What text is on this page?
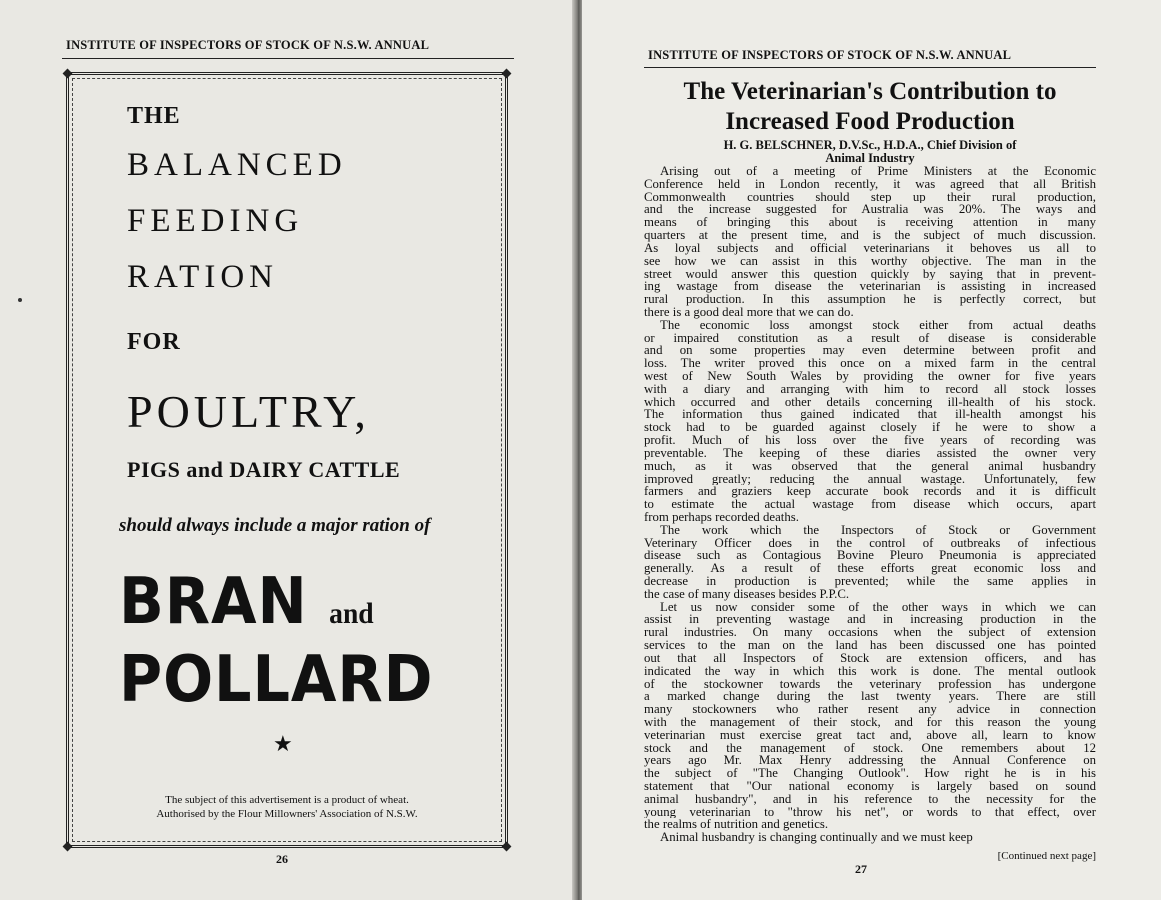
INSTITUTE OF INSPECTORS OF STOCK OF N.S.W. ANNUAL
THE
BALANCED
FEEDING
RATION
FOR
POULTRY,
PIGS and DAIRY CATTLE
should always include a major ration of
BRAN and
POLLARD
★
The subject of this advertisement is a product of wheat.
Authorised by the Flour Millowners' Association of N.S.W.
26
INSTITUTE OF INSPECTORS OF STOCK OF N.S.W. ANNUAL
The Veterinarian's Contribution to
Increased Food Production
H. G. BELSCHNER, D.V.Sc., H.D.A., Chief Division of
Animal Industry
Arising out of a meeting of Prime Ministers at the Economic
Conference held in London recently, it was agreed that all British
Commonwealth countries should step up their rural production,
and the increase suggested for Australia was 20%. The ways and
means of bringing this about is receiving attention in many
quarters at the present time, and is the subject of much discussion.
As loyal subjects and official veterinarians it behoves us all to
see how we can assist in this worthy objective. The man in the
street would answer this question quickly by saying that in prevent-
ing wastage from disease the veterinarian is assisting in increased
rural production. In this assumption he is perfectly correct, but
there is a good deal more that we can do.
The economic loss amongst stock either from actual deaths
or impaired constitution as a result of disease is considerable
and on some properties may even determine between profit and
loss. The writer proved this once on a mixed farm in the central
west of New South Wales by providing the owner for five years
with a diary and arranging with him to record all stock losses
which occurred and other details concerning ill-health of his stock.
The information thus gained indicated that ill-health amongst his
stock had to be guarded against closely if he were to show a
profit. Much of his loss over the five years of recording was
preventable. The keeping of these diaries assisted the owner very
much, as it was observed that the general animal husbandry
improved greatly; reducing the annual wastage. Unfortunately, few
farmers and graziers keep accurate book records and it is difficult
to estimate the actual wastage from disease which occurs, apart
from perhaps recorded deaths.
The work which the Inspectors of Stock or Government
Veterinary Officer does in the control of outbreaks of infectious
disease such as Contagious Bovine Pleuro Pneumonia is appreciated
generally. As a result of these efforts great economic loss and
decrease in production is prevented; while the same applies in
the case of many diseases besides P.P.C.
Let us now consider some of the other ways in which we can
assist in preventing wastage and in increasing production in the
rural industries. On many occasions when the subject of extension
services to the man on the land has been discussed one has pointed
out that all Inspectors of Stock are extension officers, and has
indicated the way in which this work is done. The mental outlook
of the stockowner towards the veterinary profession has undergone
a marked change during the last twenty years. There are still
many stockowners who rather resent any advice in connection
with the management of their stock, and for this reason the young
veterinarian must exercise great tact and, above all, learn to know
stock and the management of stock. One remembers about 12
years ago Mr. Max Henry addressing the Annual Conference on
the subject of "The Changing Outlook". How right he is in his
statement that "Our national economy is largely based on sound
animal husbandry", and in his reference to the necessity for the
young veterinarian to "throw his net", or words to that effect, over
the realms of nutrition and genetics.
Animal husbandry is changing continually and we must keep
[Continued next page]
27
